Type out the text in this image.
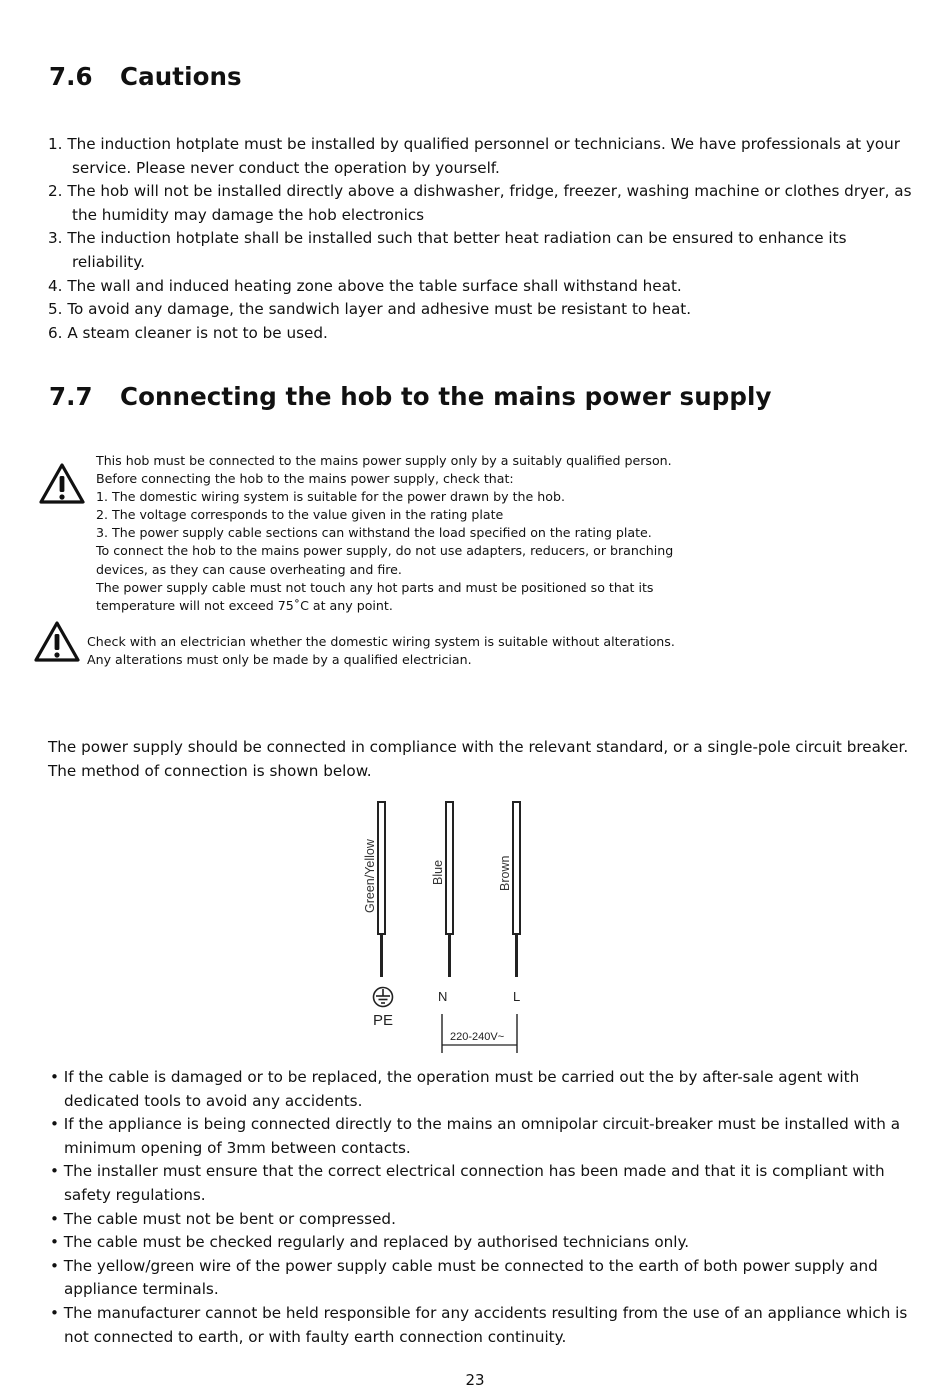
7.6 Cautions
1. The induction hotplate must be installed by qualified personnel or technicians. We have professionals at your service. Please never conduct the operation by yourself.
2. The hob will not be installed directly above a dishwasher, fridge, freezer, washing machine or clothes dryer, as the humidity may damage the hob electronics
3. The induction hotplate shall be installed such that better heat radiation can be ensured to enhance its reliability.
4. The wall and induced heating zone above the table surface shall withstand heat.
5. To avoid any damage, the sandwich layer and adhesive must be resistant to heat.
6. A steam cleaner is not to be used.
7.7 Connecting the hob to the mains power supply

This hob must be connected to the mains power supply only by a suitably qualified person.

Before connecting the hob to the mains power supply, check that:

1. The domestic wiring system is suitable for the power drawn by the hob.

2. The voltage corresponds to the value given in the rating plate

3. The power supply cable sections can withstand the load specified on the rating plate.

To connect the hob to the mains power supply, do not use adapters, reducers, or branching

devices, as they can cause overheating and fire.

The power supply cable must not touch any hot parts and must be positioned so that its

temperature will not exceed 75˚C at any point.

Check with an electrician whether the domestic wiring system is suitable without alterations.

Any alterations must only be made by a qualified electrician.

The power supply should be connected in compliance with the relevant standard, or a single-pole circuit breaker. The method of connection is shown below.

Green/Yellow	Blue	Brown
PE
N	L
220-240V~
• If the cable is damaged or to be replaced, the operation must be carried out the by after-sale agent with dedicated tools to avoid any accidents.
• If the appliance is being connected directly to the mains an omnipolar circuit-breaker must be installed with a minimum opening of 3mm between contacts.
• The installer must ensure that the correct electrical connection has been made and that it is compliant with safety regulations.
• The cable must not be bent or compressed.
• The cable must be checked regularly and replaced by authorised technicians only.
• The yellow/green wire of the power supply cable must be connected to the earth of both power supply and appliance terminals.
• The manufacturer cannot be held responsible for any accidents resulting from the use of an appliance which is not connected to earth, or with faulty earth connection continuity.
23
